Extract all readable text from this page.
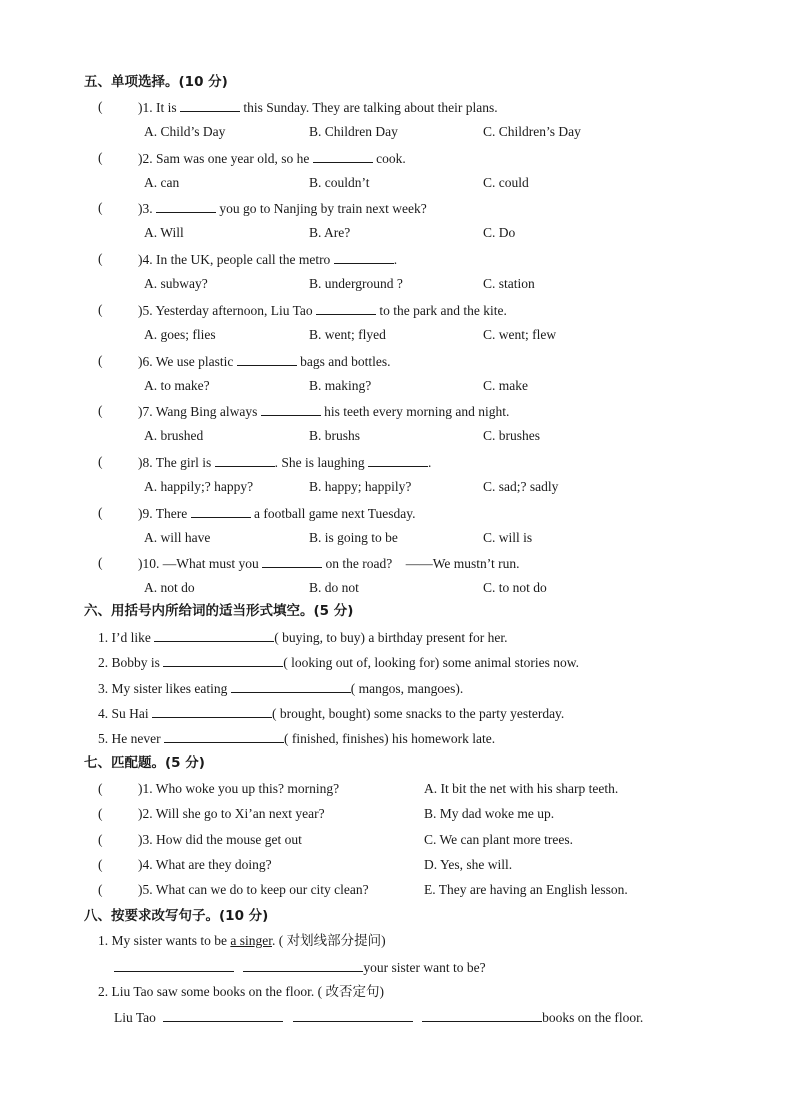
五、单项选择。(10 分)
(	)1. It is	this Sunday. They are talking about their plans.
A. Child’s Day	B. Children Day	C. Children’s Day
(	)2. Sam was one year old, so he	cook.
A. can	B. couldn’t	C. could
(	)3.	you go to Nanjing by train next week?
A. Will	B. Are?	C. Do
(	)4. In the UK, people call the metro	.
A. subway?	B. underground ?	C. station
(	)5. Yesterday afternoon, Liu Tao	to the park and the kite.
A. goes; flies	B. went; flyed	C. went; flew
(	)6. We use plastic	bags and bottles.
A. to make?	B. making?	C. make
(	)7. Wang Bing always	his teeth every morning and night.
A. brushed	B. brushs	C. brushes
(	)8. The girl is	. She is laughing	.
A. happily;? happy?	B. happy; happily?	C. sad;? sadly
(	)9. There	a football game next Tuesday.
A. will have	B. is going to be	C. will is
(	)10. —What must you	on the road? ——We mustn’t run.
A. not do	B. do not	C. to not do
六、用括号内所给词的适当形式填空。(5 分)
1. I’d like	( buying, to buy) a birthday present for her.
2. Bobby is	( looking out of, looking for) some animal stories now.
3. My sister likes eating	( mangos, mangoes).
4. Su Hai	( brought, bought) some snacks to the party yesterday.
5. He never	( finished, finishes) his homework late.
七、匹配题。(5 分)
(	)1. Who woke you up this? morning?	A. It bit the net with his sharp teeth.
(	)2. Will she go to Xi’an next year?	B. My dad woke me up.
(	)3. How did the mouse get out	C. We can plant more trees.
(	)4. What are they doing?	D. Yes, she will.
(	)5. What can we do to keep our city clean?	E. They are having an English lesson.
八、按要求改写句子。(10 分)
1. My sister wants to be a singer. ( 对划线部分提问)
your sister want to be?
2. Liu Tao saw some books on the floor. ( 改否定句)
Liu Tao	books on the floor.
